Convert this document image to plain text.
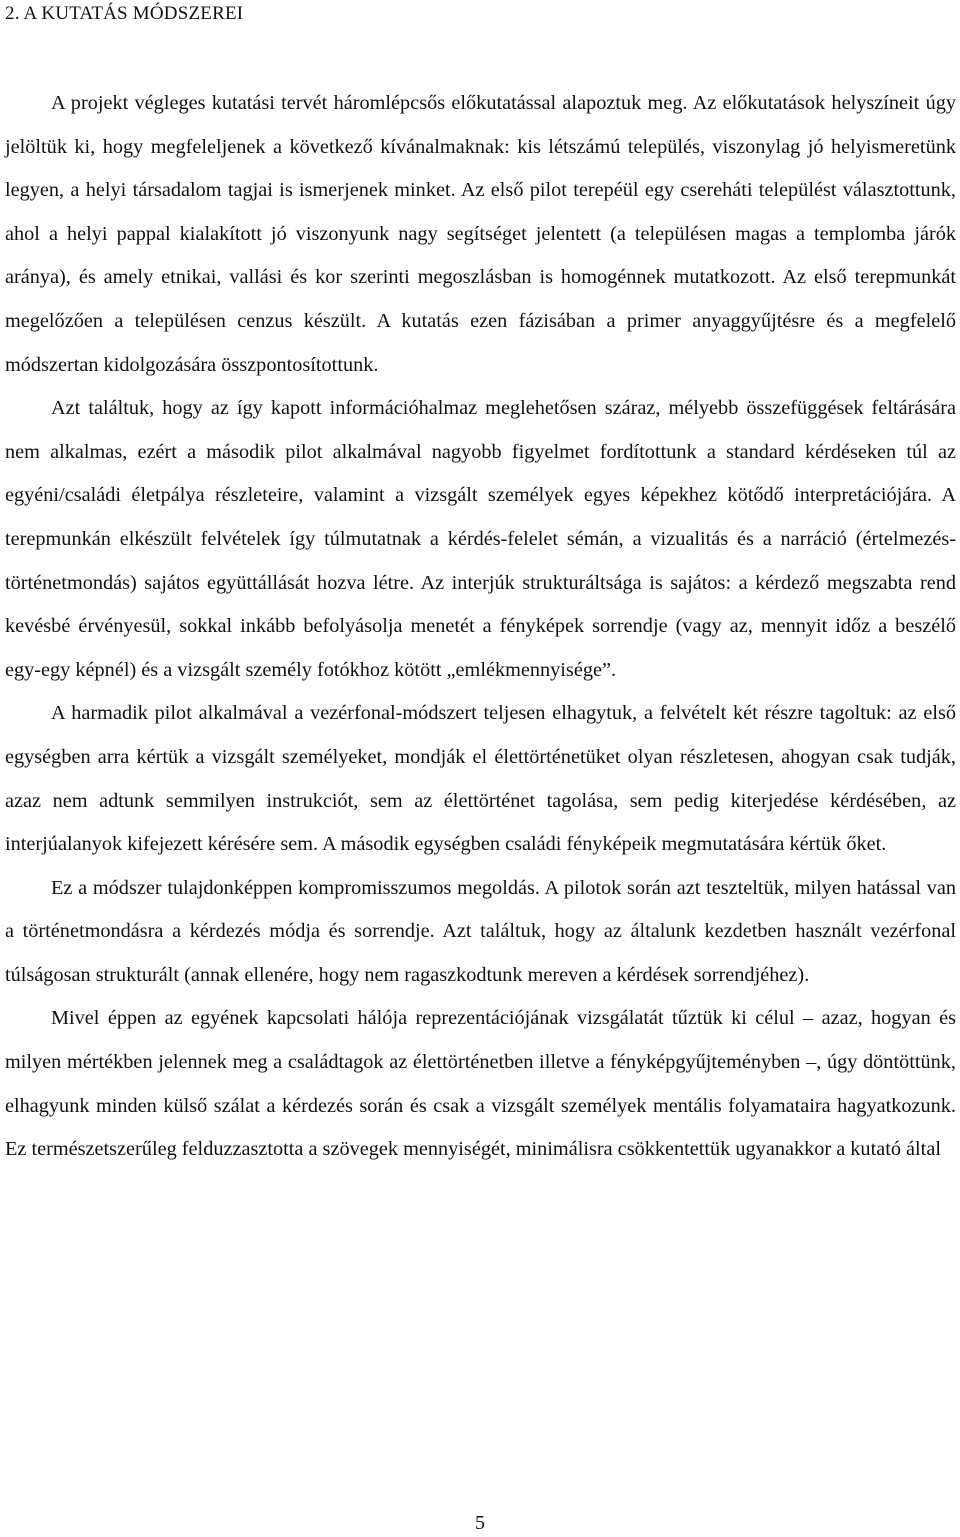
2. A KUTATÁS MÓDSZEREI

A projekt végleges kutatási tervét háromlépcsős előkutatással alapoztuk meg. Az előkutatások helyszíneit úgy jelöltük ki, hogy megfeleljenek a következő kívánalmaknak: kis létszámú település, viszonylag jó helyismeretünk legyen, a helyi társadalom tagjai is ismerjenek minket. Az első pilot terepéül egy csereháti települést választottunk, ahol a helyi pappal kialakított jó viszonyunk nagy segítséget jelentett (a településen magas a templomba járók aránya), és amely etnikai, vallási és kor szerinti megoszlásban is homogénnek mutatkozott. Az első terepmunkát megelőzően a településen cenzus készült. A kutatás ezen fázisában a primer anyaggyűjtésre és a megfelelő módszertan kidolgozására összpontosítottunk.

Azt találtuk, hogy az így kapott információhalmaz meglehetősen száraz, mélyebb összefüggések feltárására nem alkalmas, ezért a második pilot alkalmával nagyobb figyelmet fordítottunk a standard kérdéseken túl az egyéni/családi életpálya részleteire, valamint a vizsgált személyek egyes képekhez kötődő interpretációjára. A terepmunkán elkészült felvételek így túlmutatnak a kérdés-felelet sémán, a vizualitás és a narráció (értelmezés-történetmondás) sajátos együttállását hozva létre. Az interjúk strukturáltsága is sajátos: a kérdező megszabta rend kevésbé érvényesül, sokkal inkább befolyásolja menetét a fényképek sorrendje (vagy az, mennyit időz a beszélő egy-egy képnél) és a vizsgált személy fotókhoz kötött „emlékmennyisége”.

A harmadik pilot alkalmával a vezérfonal-módszert teljesen elhagytuk, a felvételt két részre tagoltuk: az első egységben arra kértük a vizsgált személyeket, mondják el élettörténetüket olyan részletesen, ahogyan csak tudják, azaz nem adtunk semmilyen instrukciót, sem az élettörténet tagolása, sem pedig kiterjedése kérdésében, az interjúalanyok kifejezett kérésére sem. A második egységben családi fényképeik megmutatására kértük őket.

Ez a módszer tulajdonképpen kompromisszumos megoldás. A pilotok során azt teszteltük, milyen hatással van a történetmondásra a kérdezés módja és sorrendje. Azt találtuk, hogy az általunk kezdetben használt vezérfonal túlságosan strukturált (annak ellenére, hogy nem ragaszkodtunk mereven a kérdések sorrendjéhez).

Mivel éppen az egyének kapcsolati hálója reprezentációjának vizsgálatát tűztük ki célul – azaz, hogyan és milyen mértékben jelennek meg a családtagok az élettörténetben illetve a fényképgyűjteményben –, úgy döntöttünk, elhagyunk minden külső szálat a kérdezés során és csak a vizsgált személyek mentális folyamataira hagyatkozunk. Ez természetszerűleg felduzzasztotta a szövegek mennyiségét, minimálisra csökkentettük ugyanakkor a kutató által

5
